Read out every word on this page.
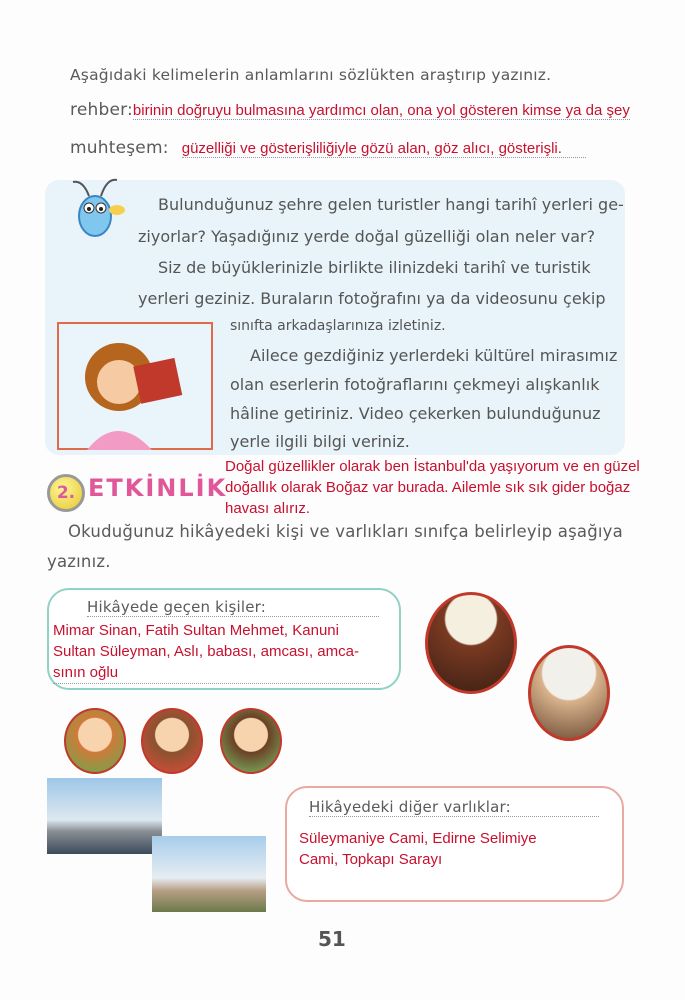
Aşağıdaki kelimelerin anlamlarını sözlükten araştırıp yazınız.
rehber:birinin doğruyu bulmasına yardımcı olan, ona yol gösteren kimse ya da şey
muhteşem: güzelliği ve gösterişliliğiyle gözü alan, göz alıcı, gösterişli.
Bulunduğunuz şehre gelen turistler hangi tarihî yerleri ge-
ziyorlar? Yaşadığınız yerde doğal güzelliği olan neler var?
Siz de büyüklerinizle birlikte ilinizdeki tarihî ve turistik
yerleri geziniz. Buraların fotoğrafını ya da videosunu çekip
sınıfta arkadaşlarınıza izletiniz.
Ailece gezdiğiniz yerlerdeki kültürel mirasımız
olan eserlerin fotoğraflarını çekmeyi alışkanlık
hâline getiriniz. Video çekerken bulunduğunuz
yerle ilgili bilgi veriniz.
Doğal güzellikler olarak ben İstanbul'da yaşıyorum ve en güzel
doğallık olarak Boğaz var burada. Ailemle sık sık gider boğaz
havası alırız.
2. ETKİNLİK
Okuduğunuz hikâyedeki kişi ve varlıkları sınıfça belirleyip aşağıya
yazınız.
Hikâyede geçen kişiler:
Mimar Sinan, Fatih Sultan Mehmet, Kanuni
Sultan Süleyman, Aslı, babası, amcası, amca-
sının oğlu
Hikâyedeki diğer varlıklar:
Süleymaniye Cami, Edirne Selimiye
Cami, Topkapı Sarayı
51
